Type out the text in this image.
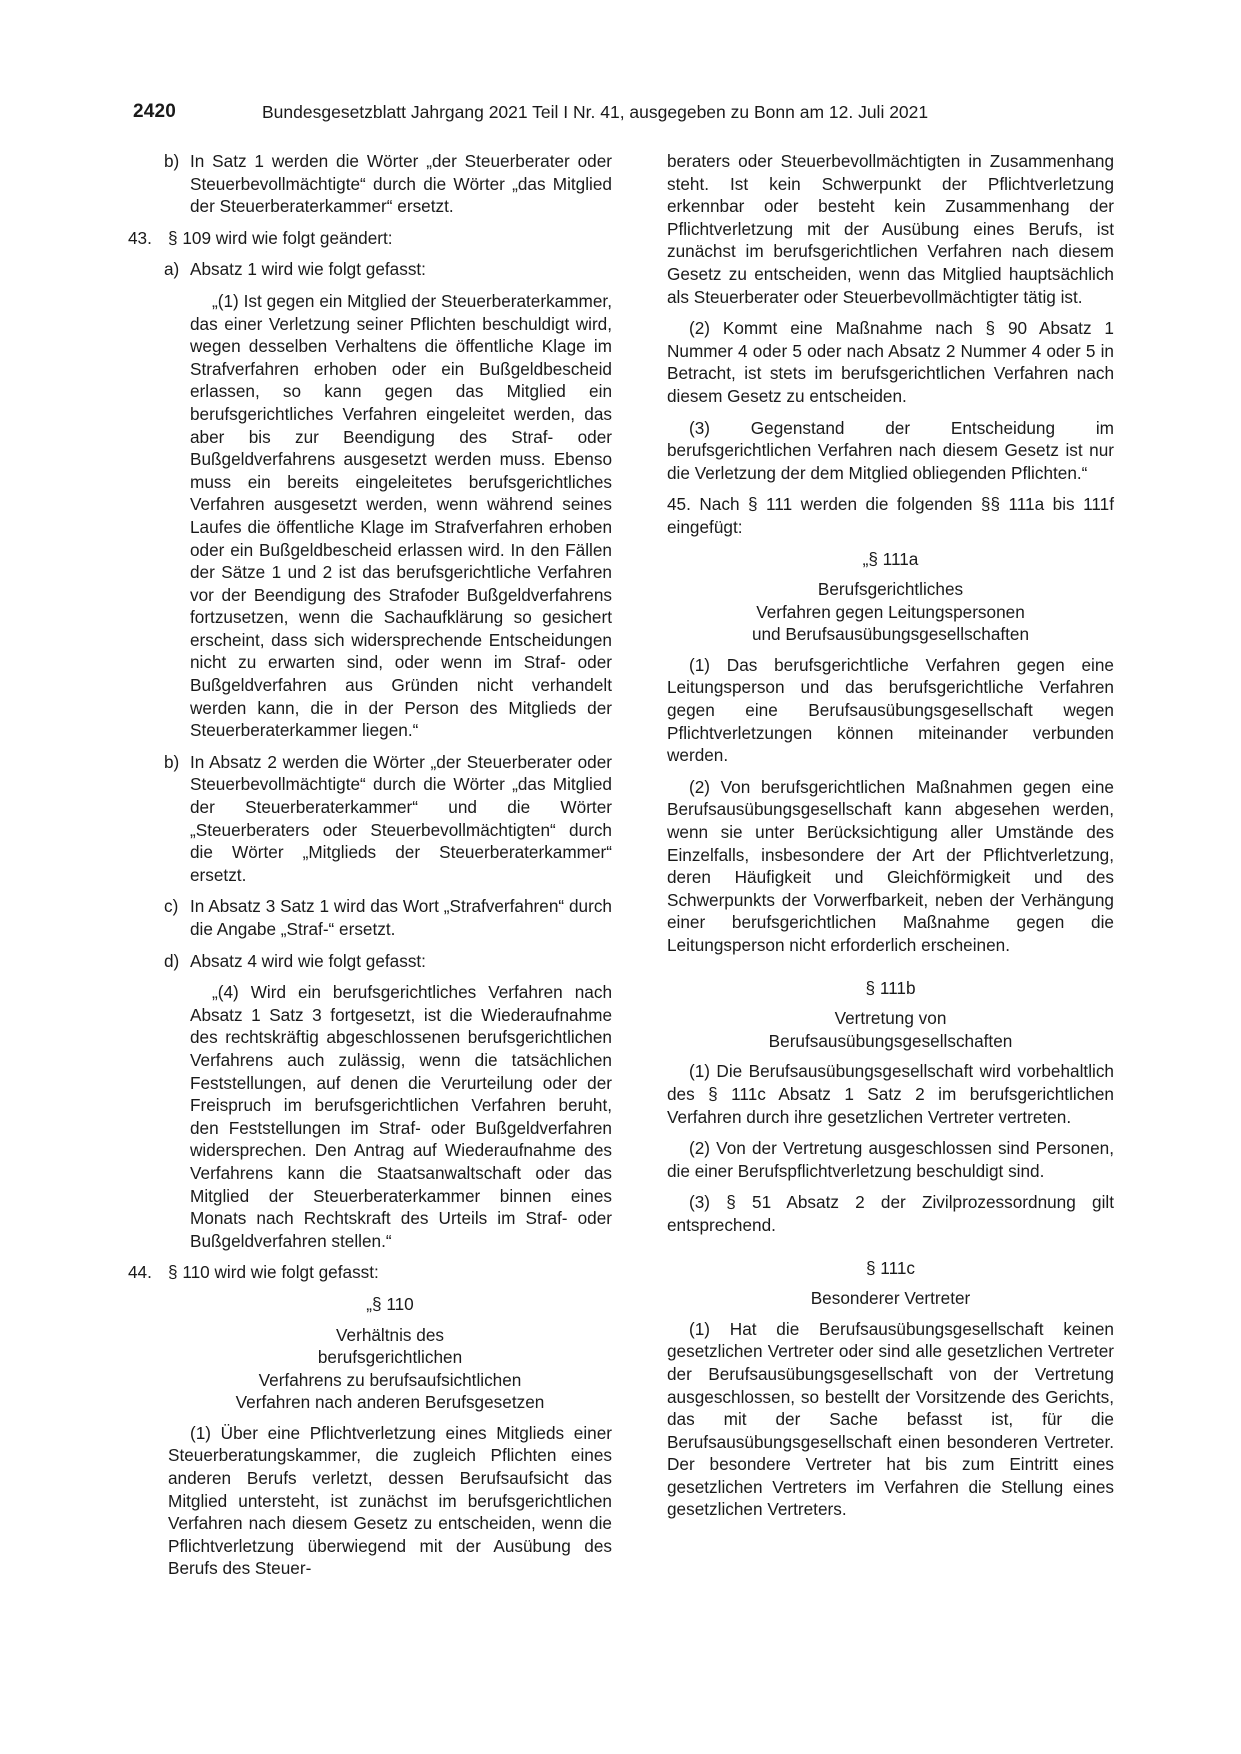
2420	Bundesgesetzblatt Jahrgang 2021 Teil I Nr. 41, ausgegeben zu Bonn am 12. Juli 2021
b) In Satz 1 werden die Wörter „der Steuerberater oder Steuerbevollmächtigte“ durch die Wörter „das Mitglied der Steuerberaterkammer“ ersetzt.
43. § 109 wird wie folgt geändert:
a) Absatz 1 wird wie folgt gefasst:

„(1) Ist gegen ein Mitglied der Steuerberaterkammer, das einer Verletzung seiner Pflichten beschuldigt wird, wegen desselben Verhaltens die öffentliche Klage im Strafverfahren erhoben oder ein Bußgeldbescheid erlassen, so kann gegen das Mitglied ein berufsgerichtliches Verfahren eingeleitet werden, das aber bis zur Beendigung des Straf- oder Bußgeldverfahrens ausgesetzt werden muss. Ebenso muss ein bereits eingeleitetes berufsgerichtliches Verfahren ausgesetzt werden, wenn während seines Laufes die öffentliche Klage im Strafverfahren erhoben oder ein Bußgeldbescheid erlassen wird. In den Fällen der Sätze 1 und 2 ist das berufsgerichtliche Verfahren vor der Beendigung des Strafoder Bußgeldverfahrens fortzusetzen, wenn die Sachaufklärung so gesichert erscheint, dass sich widersprechende Entscheidungen nicht zu erwarten sind, oder wenn im Straf- oder Bußgeldverfahren aus Gründen nicht verhandelt werden kann, die in der Person des Mitglieds der Steuerberaterkammer liegen.“

b) In Absatz 2 werden die Wörter „der Steuerberater oder Steuerbevollmächtigte“ durch die Wörter „das Mitglied der Steuerberaterkammer“ und die Wörter „Steuerberaters oder Steuerbevollmächtigten“ durch die Wörter „Mitglieds der Steuerberaterkammer“ ersetzt.
c) In Absatz 3 Satz 1 wird das Wort „Strafverfahren“ durch die Angabe „Straf-“ ersetzt.
d) Absatz 4 wird wie folgt gefasst:

„(4) Wird ein berufsgerichtliches Verfahren nach Absatz 1 Satz 3 fortgesetzt, ist die Wiederaufnahme des rechtskräftig abgeschlossenen berufsgerichtlichen Verfahrens auch zulässig, wenn die tatsächlichen Feststellungen, auf denen die Verurteilung oder der Freispruch im berufsgerichtlichen Verfahren beruht, den Feststellungen im Straf- oder Bußgeldverfahren widersprechen. Den Antrag auf Wiederaufnahme des Verfahrens kann die Staatsanwaltschaft oder das Mitglied der Steuerberaterkammer binnen eines Monats nach Rechtskraft des Urteils im Straf- oder Bußgeldverfahren stellen.“

44. § 110 wird wie folgt gefasst:

„§ 110

Verhältnis des

berufsgerichtlichen

Verfahrens zu berufsaufsichtlichen

Verfahren nach anderen Berufsgesetzen

(1) Über eine Pflichtverletzung eines Mitglieds einer Steuerberatungskammer, die zugleich Pflichten eines anderen Berufs verletzt, dessen Berufsaufsicht das Mitglied untersteht, ist zunächst im berufsgerichtlichen Verfahren nach diesem Gesetz zu entscheiden, wenn die Pflichtverletzung überwiegend mit der Ausübung des Berufs des Steuer-

beraters oder Steuerbevollmächtigten in Zusammenhang steht. Ist kein Schwerpunkt der Pflichtverletzung erkennbar oder besteht kein Zusammenhang der Pflichtverletzung mit der Ausübung eines Berufs, ist zunächst im berufsgerichtlichen Verfahren nach diesem Gesetz zu entscheiden, wenn das Mitglied hauptsächlich als Steuerberater oder Steuerbevollmächtigter tätig ist.

(2) Kommt eine Maßnahme nach § 90 Absatz 1 Nummer 4 oder 5 oder nach Absatz 2 Nummer 4 oder 5 in Betracht, ist stets im berufsgerichtlichen Verfahren nach diesem Gesetz zu entscheiden.

(3) Gegenstand der Entscheidung im berufsgerichtlichen Verfahren nach diesem Gesetz ist nur die Verletzung der dem Mitglied obliegenden Pflichten.“

45. Nach § 111 werden die folgenden §§ 111a bis 111f eingefügt:

„§ 111a

Berufsgerichtliches

Verfahren gegen Leitungspersonen

und Berufsausübungsgesellschaften

(1) Das berufsgerichtliche Verfahren gegen eine Leitungsperson und das berufsgerichtliche Verfahren gegen eine Berufsausübungsgesellschaft wegen Pflichtverletzungen können miteinander verbunden werden.

(2) Von berufsgerichtlichen Maßnahmen gegen eine Berufsausübungsgesellschaft kann abgesehen werden, wenn sie unter Berücksichtigung aller Umstände des Einzelfalls, insbesondere der Art der Pflichtverletzung, deren Häufigkeit und Gleichförmigkeit und des Schwerpunkts der Vorwerfbarkeit, neben der Verhängung einer berufsgerichtlichen Maßnahme gegen die Leitungsperson nicht erforderlich erscheinen.

§ 111b

Vertretung von

Berufsausübungsgesellschaften

(1) Die Berufsausübungsgesellschaft wird vorbehaltlich des § 111c Absatz 1 Satz 2 im berufsgerichtlichen Verfahren durch ihre gesetzlichen Vertreter vertreten.

(2) Von der Vertretung ausgeschlossen sind Personen, die einer Berufspflichtverletzung beschuldigt sind.

(3) § 51 Absatz 2 der Zivilprozessordnung gilt entsprechend.

§ 111c

Besonderer Vertreter

(1) Hat die Berufsausübungsgesellschaft keinen gesetzlichen Vertreter oder sind alle gesetzlichen Vertreter der Berufsausübungsgesellschaft von der Vertretung ausgeschlossen, so bestellt der Vorsitzende des Gerichts, das mit der Sache befasst ist, für die Berufsausübungsgesellschaft einen besonderen Vertreter. Der besondere Vertreter hat bis zum Eintritt eines gesetzlichen Vertreters im Verfahren die Stellung eines gesetzlichen Vertreters.
